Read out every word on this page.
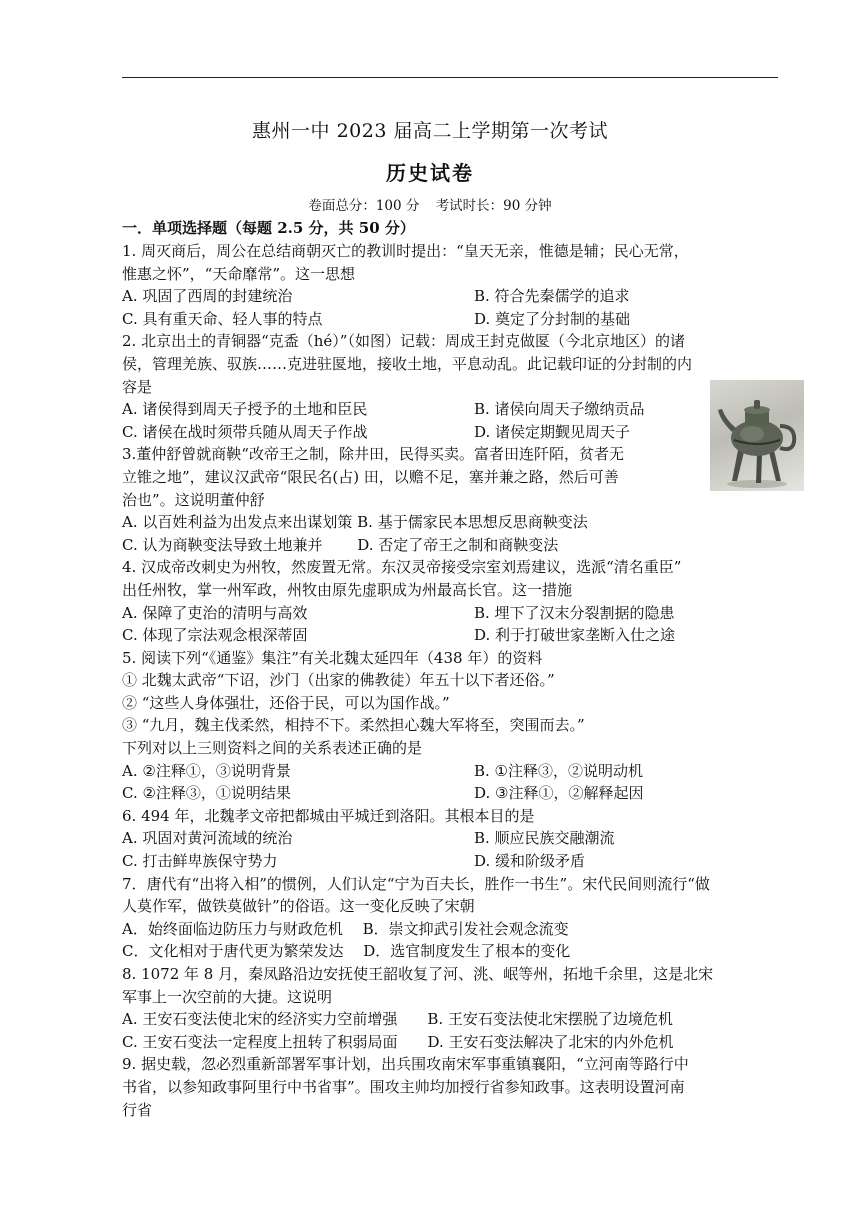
惠州一中 2023 届高二上学期第一次考试
历史试卷
卷面总分：100 分 考试时长：90 分钟
一．单项选择题（每题 2.5 分，共 50 分）

1. 周灭商后，周公在总结商朝灭亡的教训时提出：“皇天无亲，惟德是辅；民心无常，

惟惠之怀”，“天命靡常”。这一思想

A. 巩固了西周的封建统治	B. 符合先秦儒学的追求
C. 具有重天命、轻人事的特点	D. 奠定了分封制的基础

2. 北京出土的青铜器“克盉（hé）”（如图）记载：周成王封克做匽（今北京地区）的诸

侯，管理羌族、驭族……克进驻匽地，接收土地，平息动乱。此记载印证的分封制的内

容是

A. 诸侯得到周天子授予的土地和臣民	B. 诸侯向周天子缴纳贡品
C. 诸侯在战时须带兵随从周天子作战	D. 诸侯定期觐见周天子

3.董仲舒曾就商鞅“改帝王之制，除井田，民得买卖。富者田连阡陌，贫者无

立锥之地”，建议汉武帝“限民名(占) 田，以赡不足，塞并兼之路，然后可善

治也”。这说明董仲舒

A. 以百姓利益为出发点来出谋划策 B. 基于儒家民本思想反思商鞅变法

C. 认为商鞅变法导致土地兼并　　 D. 否定了帝王之制和商鞅变法

4. 汉成帝改刺史为州牧，然废置无常。东汉灵帝接受宗室刘焉建议，选派“清名重臣”

出任州牧，掌一州军政，州牧由原先虚职成为州最高长官。这一措施

A. 保障了吏治的清明与高效	B. 埋下了汉末分裂割据的隐患
C. 体现了宗法观念根深蒂固	D. 利于打破世家垄断入仕之途

5. 阅读下列“《通鉴》集注”有关北魏太延四年（438 年）的资料

① 北魏太武帝“下诏，沙门（出家的佛教徒）年五十以下者还俗。”

② “这些人身体强壮，还俗于民，可以为国作战。”

③ “九月，魏主伐柔然，相持不下。柔然担心魏大军将至，突围而去。”

下列对以上三则资料之间的关系表述正确的是

A. ②注释①，③说明背景	B. ①注释③，②说明动机
C. ②注释③，①说明结果	D. ③注释①，②解释起因

6. 494 年，北魏孝文帝把都城由平城迁到洛阳。其根本目的是

A. 巩固对黄河流域的统治	B. 顺应民族交融潮流
C. 打击鲜卑族保守势力	D. 缓和阶级矛盾

7．唐代有“出将入相”的惯例，人们认定“宁为百夫长，胜作一书生”。宋代民间则流行“做

人莫作军，做铁莫做针”的俗语。这一变化反映了宋朝

A．始终面临边防压力与财政危机　 B．崇文抑武引发社会观念流变

C．文化相对于唐代更为繁荣发达　 D．选官制度发生了根本的变化

8. 1072 年 8 月，秦凤路沿边安抚使王韶收复了河、洮、岷等州，拓地千余里，这是北宋

军事上一次空前的大捷。这说明

A. 王安石变法使北宋的经济实力空前增强　　B. 王安石变法使北宋摆脱了边境危机

C. 王安石变法一定程度上扭转了积弱局面　　D. 王安石变法解决了北宋的内外危机

9. 据史载，忽必烈重新部署军事计划，出兵围攻南宋军事重镇襄阳，“立河南等路行中

书省，以参知政事阿里行中书省事”。围攻主帅均加授行省参知政事。这表明设置河南

行省
